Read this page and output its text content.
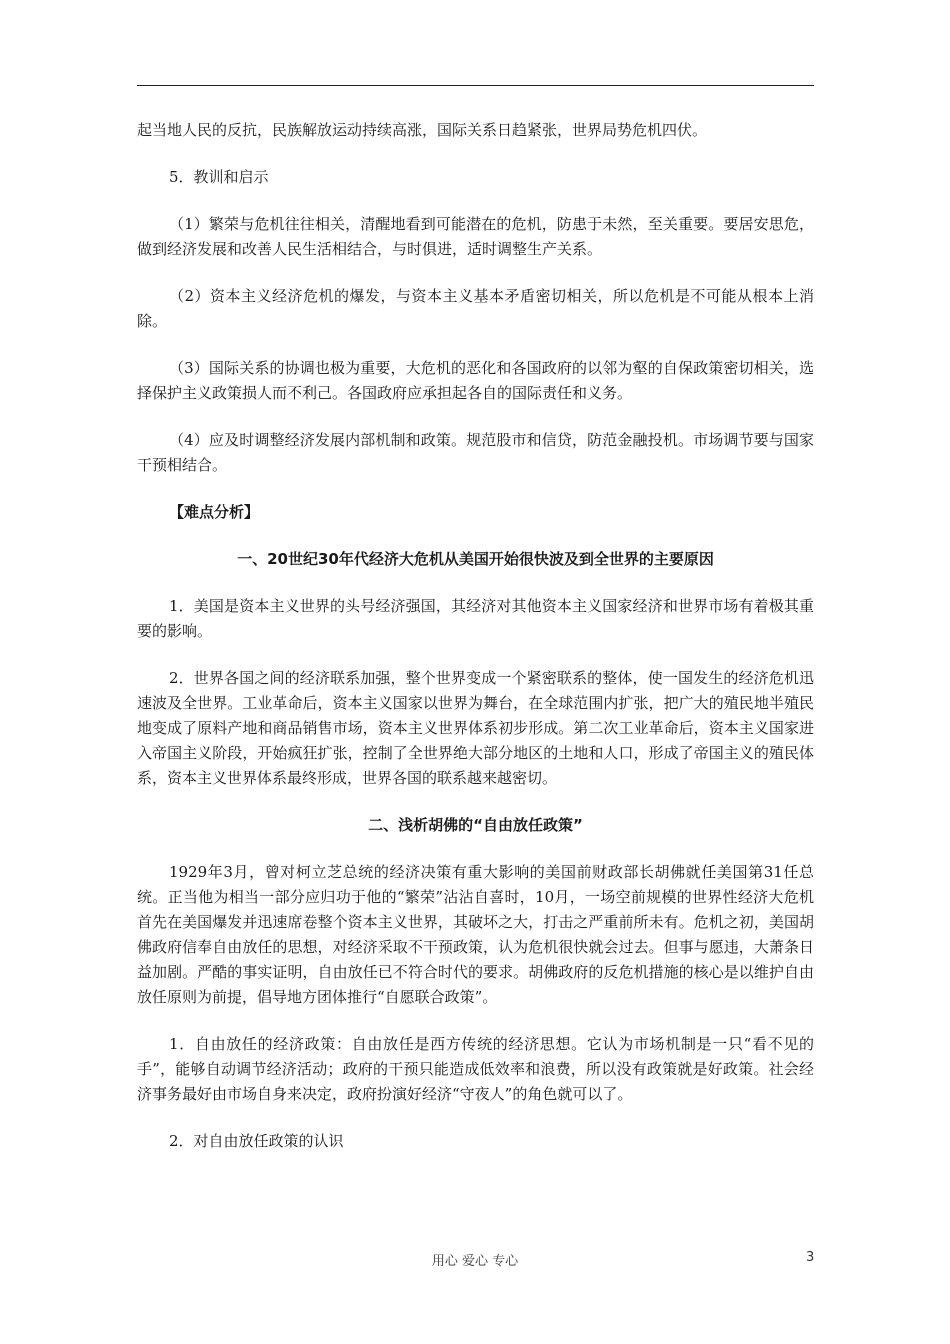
起当地人民的反抗，民族解放运动持续高涨，国际关系日趋紧张，世界局势危机四伏。

5．教训和启示

（1）繁荣与危机往往相关，清醒地看到可能潜在的危机，防患于未然，至关重要。要居安思危，做到经济发展和改善人民生活相结合，与时俱进，适时调整生产关系。

（2）资本主义经济危机的爆发，与资本主义基本矛盾密切相关，所以危机是不可能从根本上消除。

（3）国际关系的协调也极为重要，大危机的恶化和各国政府的以邻为壑的自保政策密切相关，选择保护主义政策损人而不利己。各国政府应承担起各自的国际责任和义务。

（4）应及时调整经济发展内部机制和政策。规范股市和信贷，防范金融投机。市场调节要与国家干预相结合。

【难点分析】

一、20世纪30年代经济大危机从美国开始很快波及到全世界的主要原因

1．美国是资本主义世界的头号经济强国，其经济对其他资本主义国家经济和世界市场有着极其重要的影响。

2．世界各国之间的经济联系加强，整个世界变成一个紧密联系的整体，使一国发生的经济危机迅速波及全世界。工业革命后，资本主义国家以世界为舞台，在全球范围内扩张，把广大的殖民地半殖民地变成了原料产地和商品销售市场，资本主义世界体系初步形成。第二次工业革命后，资本主义国家进入帝国主义阶段，开始疯狂扩张，控制了全世界绝大部分地区的土地和人口，形成了帝国主义的殖民体系，资本主义世界体系最终形成，世界各国的联系越来越密切。

二、浅析胡佛的“自由放任政策”

1929年3月，曾对柯立芝总统的经济决策有重大影响的美国前财政部长胡佛就任美国第31任总统。正当他为相当一部分应归功于他的“繁荣”沾沾自喜时，10月，一场空前规模的世界性经济大危机首先在美国爆发并迅速席卷整个资本主义世界，其破坏之大，打击之严重前所未有。危机之初，美国胡佛政府信奉自由放任的思想，对经济采取不干预政策，认为危机很快就会过去。但事与愿违，大萧条日益加剧。严酷的事实证明，自由放任已不符合时代的要求。胡佛政府的反危机措施的核心是以维护自由放任原则为前提，倡导地方团体推行“自愿联合政策”。

1．自由放任的经济政策：自由放任是西方传统的经济思想。它认为市场机制是一只“看不见的手”，能够自动调节经济活动；政府的干预只能造成低效率和浪费，所以没有政策就是好政策。社会经济事务最好由市场自身来决定，政府扮演好经济“守夜人”的角色就可以了。

2．对自由放任政策的认识

用心 爱心 专心	3
